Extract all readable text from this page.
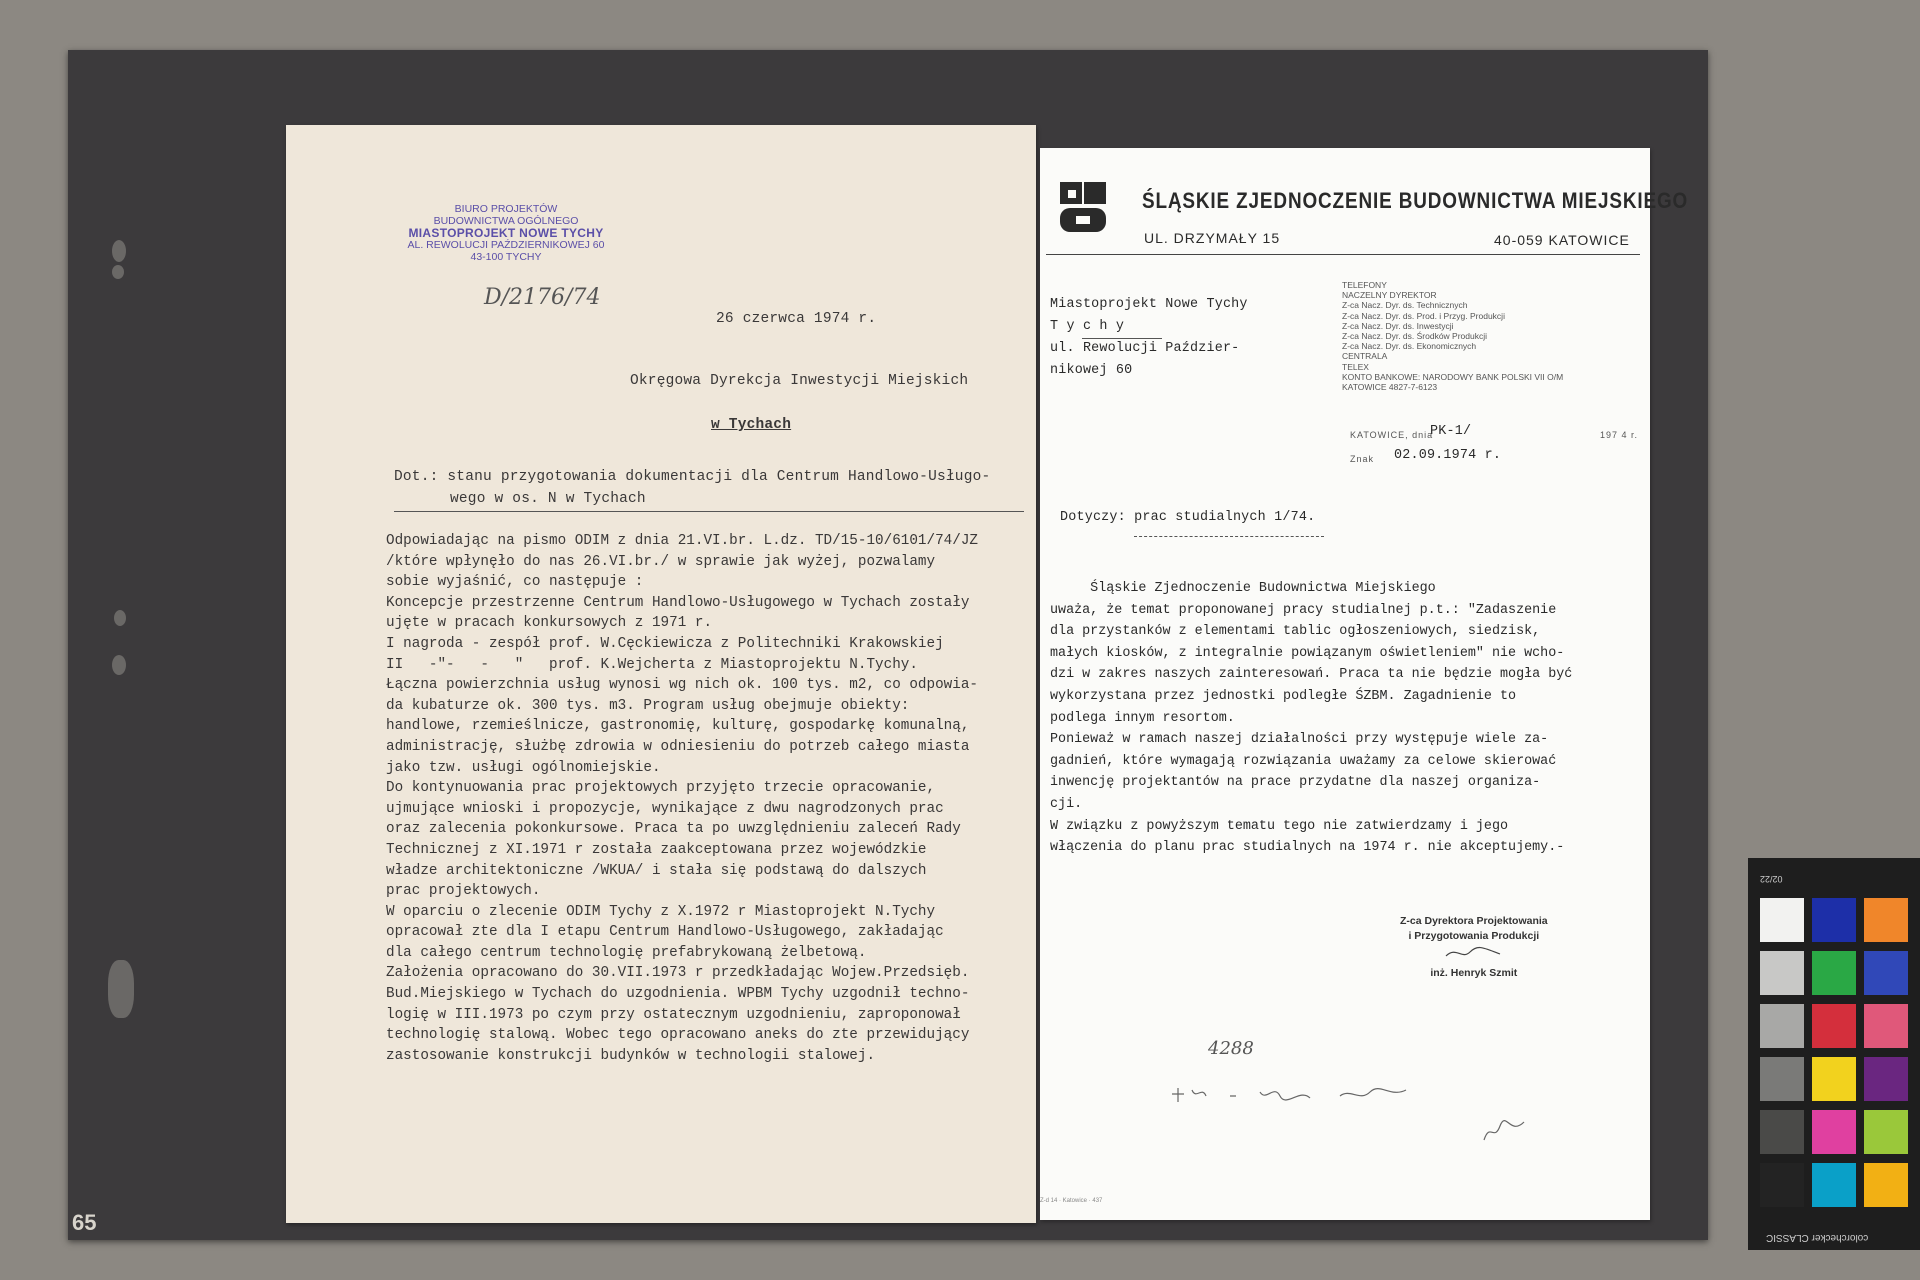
65
BIURO PROJEKTÓW
BUDOWNICTWA OGÓLNEGO
MIASTOPROJEKT NOWE TYCHY
AL. REWOLUCJI PAŹDZIERNIKOWEJ 60
43-100 TYCHY
D/2176/74
26 czerwca 1974 r.
Okręgowa Dyrekcja Inwestycji Miejskich
w Tychach
Dot.: stanu przygotowania dokumentacji dla Centrum Handlowo-Usługo-
wego w os. N w Tychach
Odpowiadając na pismo ODIM z dnia 21.VI.br. L.dz. TD/15-10/6101/74/JZ
/które wpłynęło do nas 26.VI.br./ w sprawie jak wyżej, pozwalamy
sobie wyjaśnić, co następuje :
Koncepcje przestrzenne Centrum Handlowo-Usługowego w Tychach zostały
ujęte w pracach konkursowych z 1971 r.
I nagroda - zespół prof. W.Cęckiewicza z Politechniki Krakowskiej
II   -"-   -   "   prof. K.Wejcherta z Miastoprojektu N.Tychy.
Łączna powierzchnia usług wynosi wg nich ok. 100 tys. m2, co odpowia-
da kubaturze ok. 300 tys. m3. Program usług obejmuje obiekty:
handlowe, rzemieślnicze, gastronomię, kulturę, gospodarkę komunalną,
administrację, służbę zdrowia w odniesieniu do potrzeb całego miasta
jako tzw. usługi ogólnomiejskie.
Do kontynuowania prac projektowych przyjęto trzecie opracowanie,
ujmujące wnioski i propozycje, wynikające z dwu nagrodzonych prac
oraz zalecenia pokonkursowe. Praca ta po uwzględnieniu zaleceń Rady
Technicznej z XI.1971 r została zaakceptowana przez wojewódzkie
władze architektoniczne /WKUA/ i stała się podstawą do dalszych
prac projektowych.
W oparciu o zlecenie ODIM Tychy z X.1972 r Miastoprojekt N.Tychy
opracował zte dla I etapu Centrum Handlowo-Usługowego, zakładając
dla całego centrum technologię prefabrykowaną żelbetową.
Założenia opracowano do 30.VII.1973 r przedkładając Wojew.Przedsięb.
Bud.Miejskiego w Tychach do uzgodnienia. WPBM Tychy uzgodnił techno-
logię w III.1973 po czym przy ostatecznym uzgodnieniu, zaproponował
technologię stalową. Wobec tego opracowano aneks do zte przewidujący
zastosowanie konstrukcji budynków w technologii stalowej.
ŚLĄSKIE ZJEDNOCZENIE BUDOWNICTWA MIEJSKIEGO
UL. DRZYMAŁY 15	40-059 KATOWICE
Miastoprojekt Nowe Tychy
T y c h y
ul. Rewolucji Paździer-
nikowej 60
TELEFONY
NACZELNY DYREKTOR
Z-ca Nacz. Dyr. ds. Technicznych
Z-ca Nacz. Dyr. ds. Prod. i Przyg. Produkcji
Z-ca Nacz. Dyr. ds. Inwestycji
Z-ca Nacz. Dyr. ds. Środków Produkcji
Z-ca Nacz. Dyr. ds. Ekonomicznych
CENTRALA
TELEX
KONTO BANKOWE: NARODOWY BANK POLSKI VII O/M
KATOWICE 4827-7-6123
KATOWICE, dnia
PK-1/	197 4 r.
Znak 02.09.1974 r.
Dotyczy: prac studialnych 1/74.
Śląskie Zjednoczenie Budownictwa Miejskiego
uważa, że temat proponowanej pracy studialnej p.t.: "Zadaszenie
dla przystanków z elementami tablic ogłoszeniowych, siedzisk,
małych kiosków, z integralnie powiązanym oświetleniem" nie wcho-
dzi w zakres naszych zainteresowań. Praca ta nie będzie mogła być
wykorzystana przez jednostki podległe ŚZBM. Zagadnienie to
podlega innym resortom.
Ponieważ w ramach naszej działalności przy występuje wiele za-
gadnień, które wymagają rozwiązania uważamy za celowe skierować
inwencję projektantów na prace przydatne dla naszej organiza-
cji.
W związku z powyższym tematu tego nie zatwierdzamy i jego
włączenia do planu prac studialnych na 1974 r. nie akceptujemy.-
Z-ca Dyrektora Projektowania
i Przygotowania Produkcji
inż. Henryk Szmit
4288
Z-d 14 · Katowice · 437
02/22
colorchecker CLASSIC
